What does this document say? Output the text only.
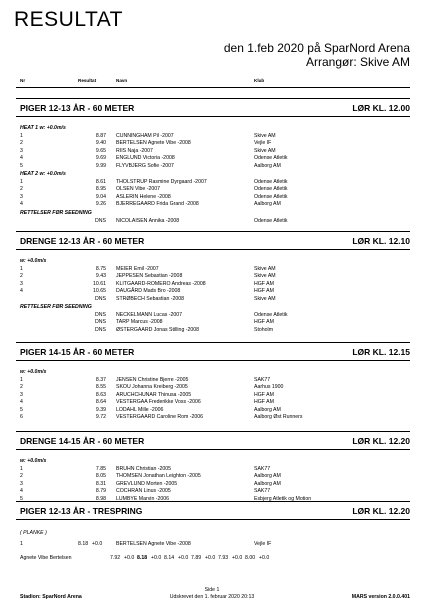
RESULTAT
den 1.feb 2020 på SparNord Arena
Arrangør: Skive AM
Nr	Resultat	Navn	Klub
PIGER 12-13 ÅR - 60 METER	LØR KL. 12.00
HEAT 1 w: +0.0m/s
1	8.87 CUNNINGHAM Pil -2007	Skive AM
2	9.40 BERTELSEN Agnete Vibe -2008	Vejle IF
3	9.65 RIIS Naja -2007	Skive AM
4	9.69 ENGLUND Victoria -2008	Odense Atletik
5	9.99 FLYVBJERG Sofie -2007	Aalborg AM
HEAT 2 w: +0.0m/s
1	8.61 THOLSTRUP Rasmine Dyrgaard -2007	Odense Atletik
2	8.95 OLSEN Vibe -2007	Odense Atletik
3	9.04 ASLERIN Helene -2008	Odense Atletik
4	9.26 BJERREGAARD Frida Grand -2008	Aalborg AM
RETTELSER FØR SEEDNING
DNS NICOLAISEN Annika -2008	Odense Atletik
DRENGE 12-13 ÅR - 60 METER	LØR KL. 12.10
w: +0.0m/s
1	8.75 MEIER Emil -2007	Skive AM
2	9.43 JEPPESEN Sebastian -2008	Skive AM
3	10.61 KLITGAARD-ROMERO Andreas -2008	HGF AM
4	10.65 DAUGÅRD Mads Bro -2008	HGF AM
DNS STRØBECH Sebastian -2008	Skive AM
RETTELSER FØR SEEDNING
DNS NECKELMANN Lucas -2007	Odense Atletik
DNS TARP Marcus -2008	HGF AM
DNS ØSTERGAARD Jonas Stilling -2008	Stoholm
PIGER 14-15 ÅR - 60 METER	LØR KL. 12.15
w: +0.0m/s
1	8.37 JENSEN Christine Bjerre -2005	SAK77
2	8.55 SKOU Johanna Kreiberg -2005	Aarhus 1900
3	8.63 ARUCHCHUNAR Thinusa -2005	HGF AM
4	8.64 VESTERGAA Frederikke Voss -2006	HGF AM
5	9.39 LODAHL Mille -2006	Aalborg AM
6	9.72 VESTERGAARD Caroline Rom -2006	Aalborg Øst Runners
DRENGE 14-15 ÅR - 60 METER	LØR KL. 12.20
w: +0.0m/s
1	7.85 BRUHN Christian -2005	SAK77
2	8.05 THOMSEN Jonathan Leighton -2005	Aalborg AM
3	8.31 GREVLUND Morten -2005	Aalborg AM
4	8.79 COCHRAN Linus -2005	SAK77
5	8.98 LUMBYE Marvin -2006	Esbjerg Atletik og Motion
PIGER 12-13 ÅR - TRESPRING	LØR KL. 12.20
( PLANKE )
1	8.18 +0.0	BERTELSEN Agnete Vibe -2008	Vejle IF
Agnete Vibe Bertelsen	7.92 +0.0 8.18 +0.0 8.14 +0.0 7.89 +0.0 7.93 +0.0 8.00 +0.0
Side 1
Stadion: SparNord Arena	Udskrevet den 1. februar 2020 20:13	MARS version 2.0.0.401
